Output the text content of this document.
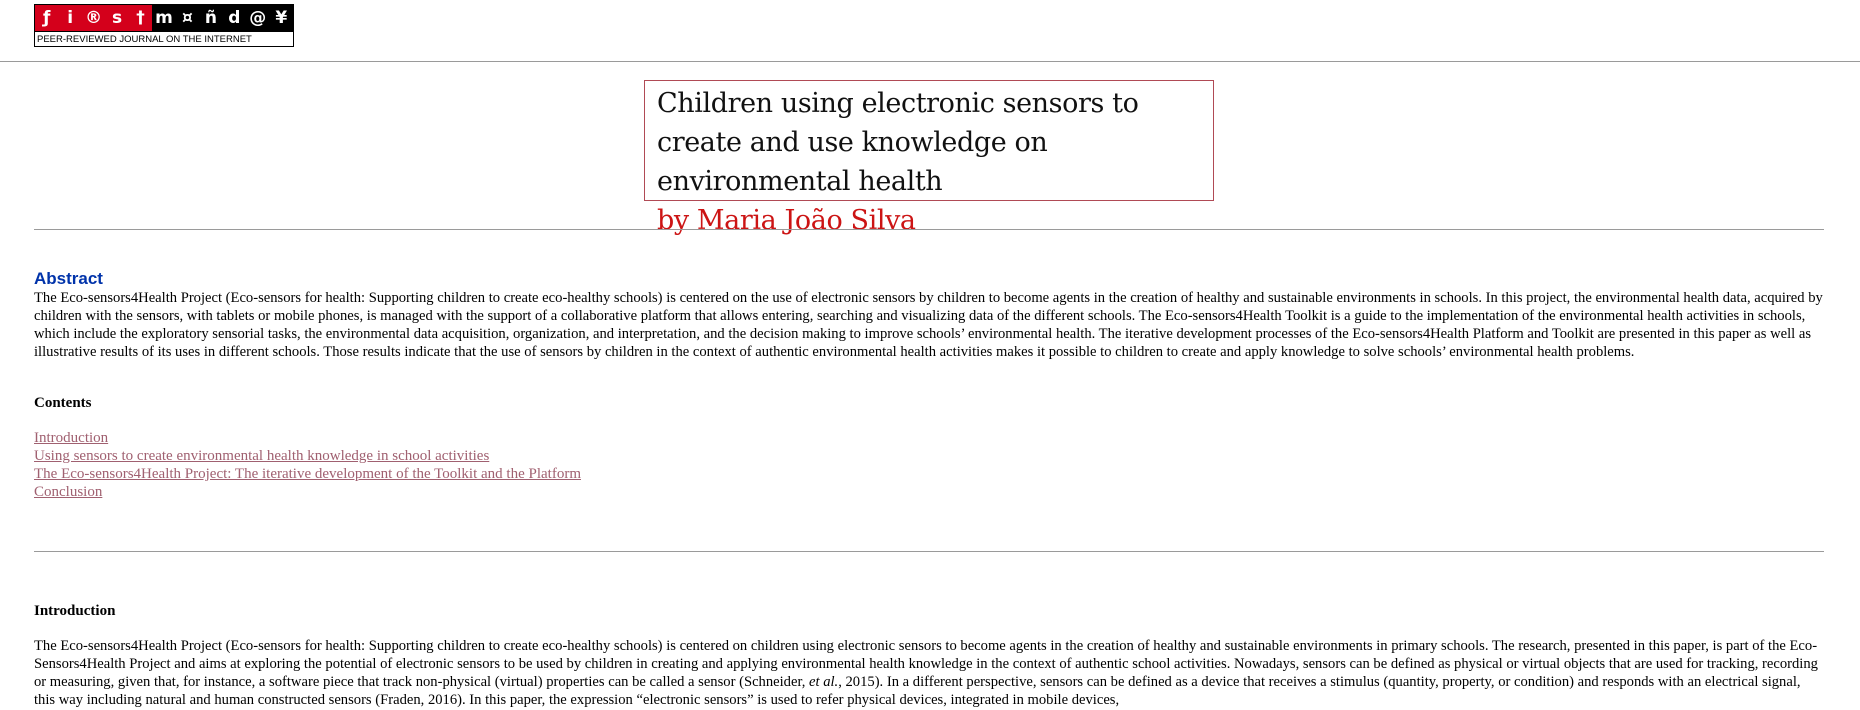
ƒ i ® s † m ¤ ñ d @ ¥
PEER-REVIEWED JOURNAL ON THE INTERNET

Children using electronic sensors to create and use knowledge on environmental health

by Maria João Silva

Abstract

The Eco-sensors4Health Project (Eco-sensors for health: Supporting children to create eco-healthy schools) is centered on the use of electronic sensors by children to become agents in the creation of healthy and sustainable environments in schools. In this project, the environmental health data, acquired by children with the sensors, with tablets or mobile phones, is managed with the support of a collaborative platform that allows entering, searching and visualizing data of the different schools. The Eco-sensors4Health Toolkit is a guide to the implementation of the environmental health activities in schools, which include the exploratory sensorial tasks, the environmental data acquisition, organization, and interpretation, and the decision making to improve schools’ environmental health. The iterative development processes of the Eco-sensors4Health Platform and Toolkit are presented in this paper as well as illustrative results of its uses in different schools. Those results indicate that the use of sensors by children in the context of authentic environmental health activities makes it possible to children to create and apply knowledge to solve schools’ environmental health problems.

Contents
Introduction
Using sensors to create environmental health knowledge in school activities
The Eco-sensors4Health Project: The iterative development of the Toolkit and the Platform
Conclusion
Introduction

The Eco-sensors4Health Project (Eco-sensors for health: Supporting children to create eco-healthy schools) is centered on children using electronic sensors to become agents in the creation of healthy and sustainable environments in primary schools. The research, presented in this paper, is part of the Eco-Sensors4Health Project and aims at exploring the potential of electronic sensors to be used by children in creating and applying environmental health knowledge in the context of authentic school activities. Nowadays, sensors can be defined as physical or virtual objects that are used for tracking, recording or measuring, given that, for instance, a software piece that track non-physical (virtual) properties can be called a sensor (Schneider, et al., 2015). In a different perspective, sensors can be defined as a device that receives a stimulus (quantity, property, or condition) and responds with an electrical signal, this way including natural and human constructed sensors (Fraden, 2016). In this paper, the expression “electronic sensors” is used to refer physical devices, integrated in mobile devices,
